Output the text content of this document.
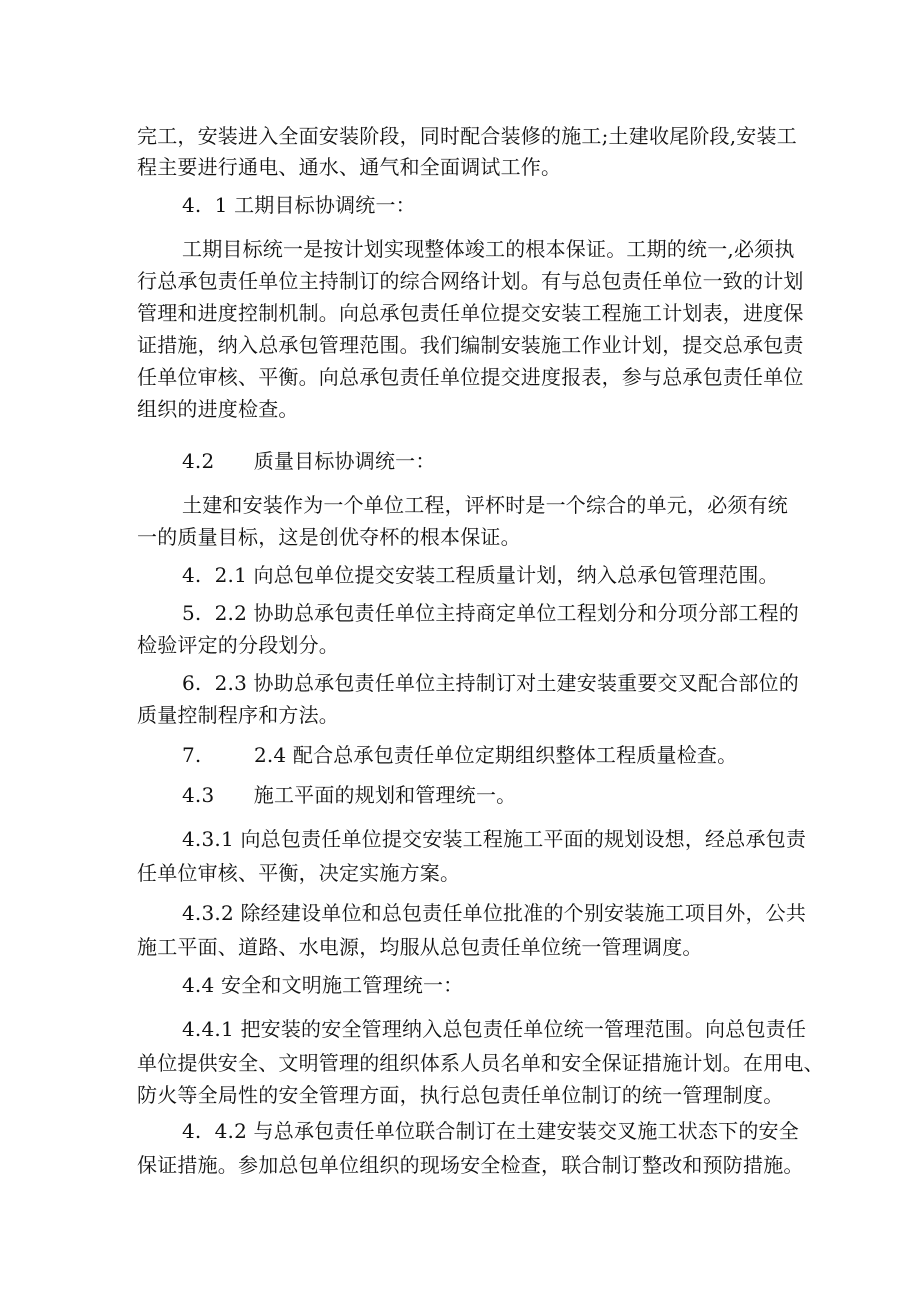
完工，安装进入全面安装阶段，同时配合装修的施工;土建收尾阶段,安装工
程主要进行通电、通水、通气和全面调试工作。
4.  1 工期目标协调统一：
工期目标统一是按计划实现整体竣工的根本保证。工期的统一,必须执
行总承包责任单位主持制订的综合网络计划。有与总包责任单位一致的计划
管理和进度控制机制。向总承包责任单位提交安装工程施工计划表，进度保
证措施，纳入总承包管理范围。我们编制安装施工作业计划，提交总承包责
任单位审核、平衡。向总承包责任单位提交进度报表，参与总承包责任单位
组织的进度检查。
4.2      质量目标协调统一：
土建和安装作为一个单位工程，评杯时是一个综合的单元，必须有统
一的质量目标，这是创优夺杯的根本保证。
4.  2.1 向总包单位提交安装工程质量计划，纳入总承包管理范围。
5.  2.2 协助总承包责任单位主持商定单位工程划分和分项分部工程的
检验评定的分段划分。
6.  2.3 协助总承包责任单位主持制订对土建安装重要交叉配合部位的
质量控制程序和方法。
7.        2.4 配合总承包责任单位定期组织整体工程质量检查。
4.3      施工平面的规划和管理统一。
4.3.1 向总包责任单位提交安装工程施工平面的规划设想，经总承包责
任单位审核、平衡，决定实施方案。
4.3.2 除经建设单位和总包责任单位批准的个别安装施工项目外，公共
施工平面、道路、水电源，均服从总包责任单位统一管理调度。
4.4 安全和文明施工管理统一：
4.4.1 把安装的安全管理纳入总包责任单位统一管理范围。向总包责任
单位提供安全、文明管理的组织体系人员名单和安全保证措施计划。在用电、
防火等全局性的安全管理方面，执行总包责任单位制订的统一管理制度。
4.  4.2 与总承包责任单位联合制订在土建安装交叉施工状态下的安全
保证措施。参加总包单位组织的现场安全检查，联合制订整改和预防措施。
